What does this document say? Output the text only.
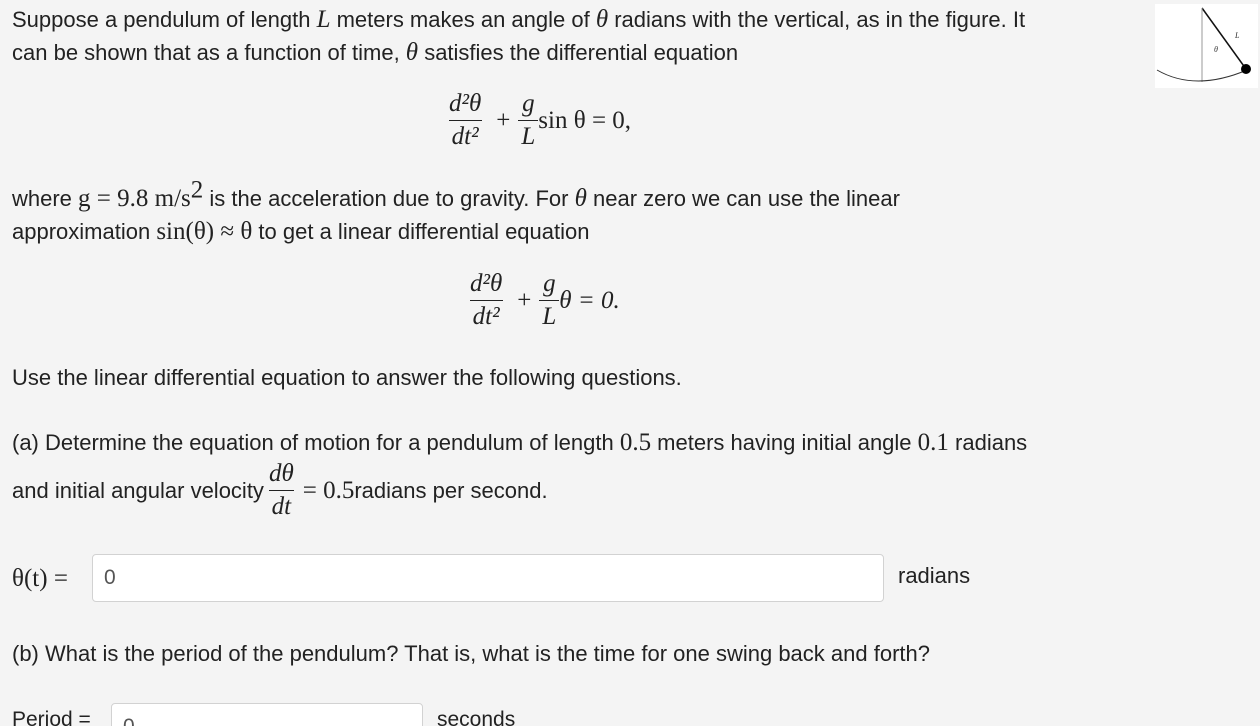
Suppose a pendulum of length L meters makes an angle of θ radians with the vertical, as in the figure. It
can be shown that as a function of time, θ satisfies the differential equation	θ
L
$\frac{\text{d²θ}}{\text{dt²}} + \frac{g}{L}$ sin θ = 0,
where g = 9.8 $m/s^2$ is the acceleration due to gravity. For θ near zero we can use the linear
approximation sin(θ) ≈ θ to get a linear differential equation
$\frac{\text{d²θ}}{\text{dt²}} + \frac{g}{L}$ θ = 0.
Use the linear differential equation to answer the following questions.
(a) Determine the equation of motion for a pendulum of length 0.5 meters having initial angle 0.1 radians
and initial angular velocity $\frac{d\theta}{dt} = 0.5$ radians per second.
θ(t) =
0	radians
(b) What is the period of the pendulum? That is, what is the time for one swing back and forth?
Period =
0	seconds
